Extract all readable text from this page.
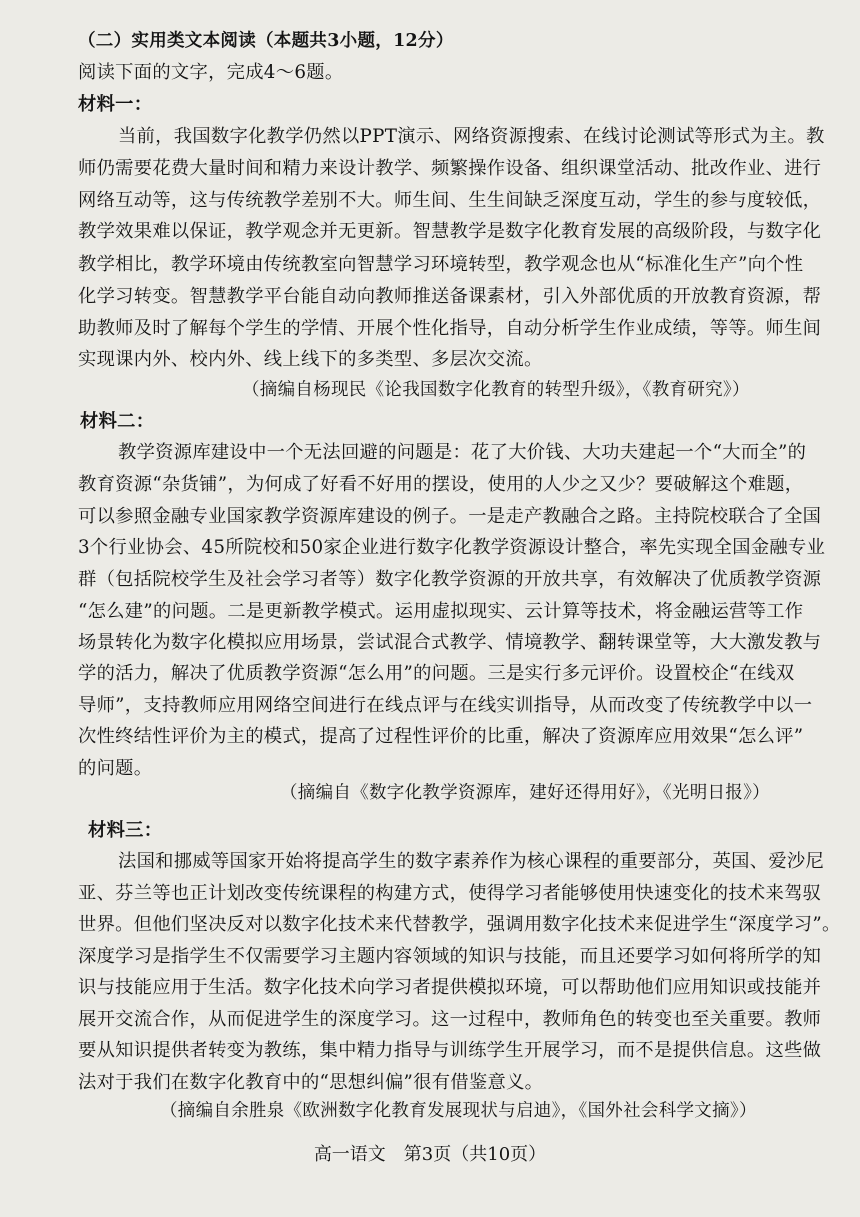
（二）实用类文本阅读（本题共3小题，12分）
阅读下面的文字，完成4～6题。
材料一：
当前，我国数字化教学仍然以PPT演示、网络资源搜索、在线讨论测试等形式为主。教
师仍需要花费大量时间和精力来设计教学、频繁操作设备、组织课堂活动、批改作业、进行
网络互动等，这与传统教学差别不大。师生间、生生间缺乏深度互动，学生的参与度较低，
教学效果难以保证，教学观念并无更新。智慧教学是数字化教育发展的高级阶段，与数字化
教学相比，教学环境由传统教室向智慧学习环境转型，教学观念也从“标准化生产”向个性
化学习转变。智慧教学平台能自动向教师推送备课素材，引入外部优质的开放教育资源，帮
助教师及时了解每个学生的学情、开展个性化指导，自动分析学生作业成绩，等等。师生间
实现课内外、校内外、线上线下的多类型、多层次交流。
（摘编自杨现民《论我国数字化教育的转型升级》，《教育研究》）
材料二：
教学资源库建设中一个无法回避的问题是：花了大价钱、大功夫建起一个“大而全”的
教育资源“杂货铺”，为何成了好看不好用的摆设，使用的人少之又少？要破解这个难题，
可以参照金融专业国家教学资源库建设的例子。一是走产教融合之路。主持院校联合了全国
3个行业协会、45所院校和50家企业进行数字化教学资源设计整合，率先实现全国金融专业
群（包括院校学生及社会学习者等）数字化教学资源的开放共享，有效解决了优质教学资源
“怎么建”的问题。二是更新教学模式。运用虚拟现实、云计算等技术，将金融运营等工作
场景转化为数字化模拟应用场景，尝试混合式教学、情境教学、翻转课堂等，大大激发教与
学的活力，解决了优质教学资源“怎么用”的问题。三是实行多元评价。设置校企“在线双
导师”，支持教师应用网络空间进行在线点评与在线实训指导，从而改变了传统教学中以一
次性终结性评价为主的模式，提高了过程性评价的比重，解决了资源库应用效果“怎么评”
的问题。
（摘编自《数字化教学资源库，建好还得用好》，《光明日报》）
材料三：
法国和挪威等国家开始将提高学生的数字素养作为核心课程的重要部分，英国、爱沙尼
亚、芬兰等也正计划改变传统课程的构建方式，使得学习者能够使用快速变化的技术来驾驭
世界。但他们坚决反对以数字化技术来代替教学，强调用数字化技术来促进学生“深度学习”。
深度学习是指学生不仅需要学习主题内容领域的知识与技能，而且还要学习如何将所学的知
识与技能应用于生活。数字化技术向学习者提供模拟环境，可以帮助他们应用知识或技能并
展开交流合作，从而促进学生的深度学习。这一过程中，教师角色的转变也至关重要。教师
要从知识提供者转变为教练，集中精力指导与训练学生开展学习，而不是提供信息。这些做
法对于我们在数字化教育中的“思想纠偏”很有借鉴意义。
（摘编自余胜泉《欧洲数字化教育发展现状与启迪》，《国外社会科学文摘》）
高一语文　第3页（共10页）
